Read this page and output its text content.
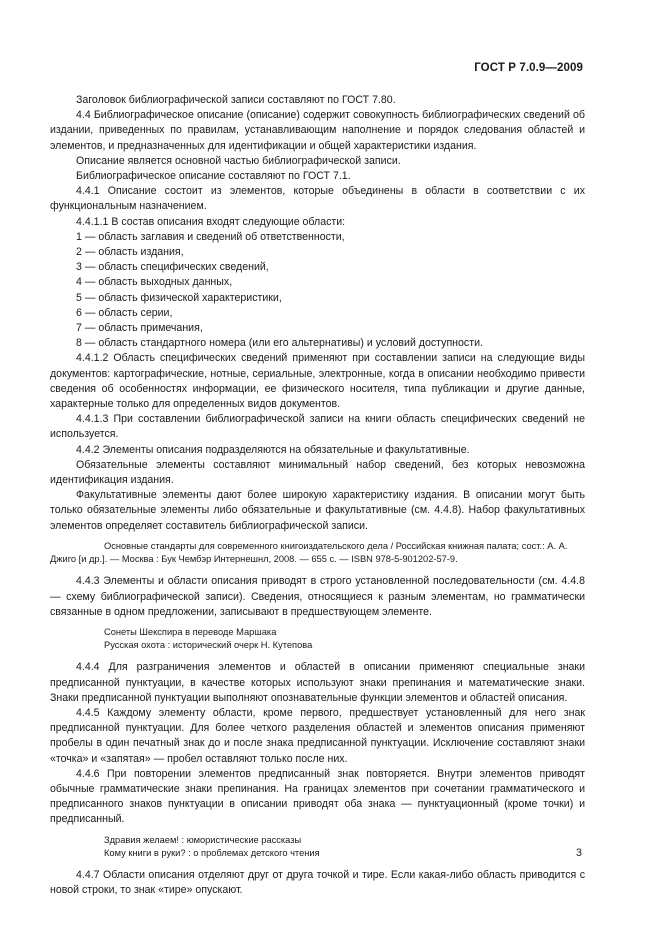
ГОСТ Р 7.0.9—2009

Заголовок библиографической записи составляют по ГОСТ 7.80.

4.4 Библиографическое описание (описание) содержит совокупность библиографических сведений об издании, приведенных по правилам, устанавливающим наполнение и порядок следования областей и элементов, и предназначенных для идентификации и общей характеристики издания.

Описание является основной частью библиографической записи.

Библиографическое описание составляют по ГОСТ 7.1.

4.4.1 Описание состоит из элементов, которые объединены в области в соответствии с их функциональным назначением.

4.4.1.1 В состав описания входят следующие области:

1 — область заглавия и сведений об ответственности,

2 — область издания,

3 — область специфических сведений,

4 — область выходных данных,

5 — область физической характеристики,

6 — область серии,

7 — область примечания,

8 — область стандартного номера (или его альтернативы) и условий доступности.

4.4.1.2 Область специфических сведений применяют при составлении записи на следующие виды документов: картографические, нотные, сериальные, электронные, когда в описании необходимо привести сведения об особенностях информации, ее физического носителя, типа публикации и другие данные, характерные только для определенных видов документов.

4.4.1.3 При составлении библиографической записи на книги область специфических сведений не используется.

4.4.2 Элементы описания подразделяются на обязательные и факультативные.

Обязательные элементы составляют минимальный набор сведений, без которых невозможна идентификация издания.

Факультативные элементы дают более широкую характеристику издания. В описании могут быть только обязательные элементы либо обязательные и факультативные (см. 4.4.8). Набор факультативных элементов определяет составитель библиографической записи.

Основные стандарты для современного книгоиздательского дела / Российская книжная палата; сост.: А. А. Джиго [и др.]. — Москва : Бук Чембэр Интернешнл, 2008. — 655 с. — ISBN 978-5-901202-57-9.

4.4.3 Элементы и области описания приводят в строго установленной последовательности (см. 4.4.8 — схему библиографической записи). Сведения, относящиеся к разным элементам, но грамматически связанные в одном предложении, записывают в предшествующем элементе.

Сонеты Шекспира в переводе Маршака

Русская охота : исторический очерк Н. Кутепова

4.4.4 Для разграничения элементов и областей в описании применяют специальные знаки предписанной пунктуации, в качестве которых используют знаки препинания и математические знаки. Знаки предписанной пунктуации выполняют опознавательные функции элементов и областей описания.

4.4.5 Каждому элементу области, кроме первого, предшествует установленный для него знак предписанной пунктуации. Для более четкого разделения областей и элементов описания применяют пробелы в один печатный знак до и после знака предписанной пунктуации. Исключение составляют знаки «точка» и «запятая» — пробел оставляют только после них.

4.4.6 При повторении элементов предписанный знак повторяется. Внутри элементов приводят обычные грамматические знаки препинания. На границах элементов при сочетании грамматического и предписанного знаков пунктуации в описании приводят оба знака — пунктуационный (кроме точки) и предписанный.

Здравия желаем! : юмористические рассказы

Кому книги в руки? : о проблемах детского чтения

4.4.7 Области описания отделяют друг от друга точкой и тире. Если какая-либо область приводится с новой строки, то знак «тире» опускают.

3
